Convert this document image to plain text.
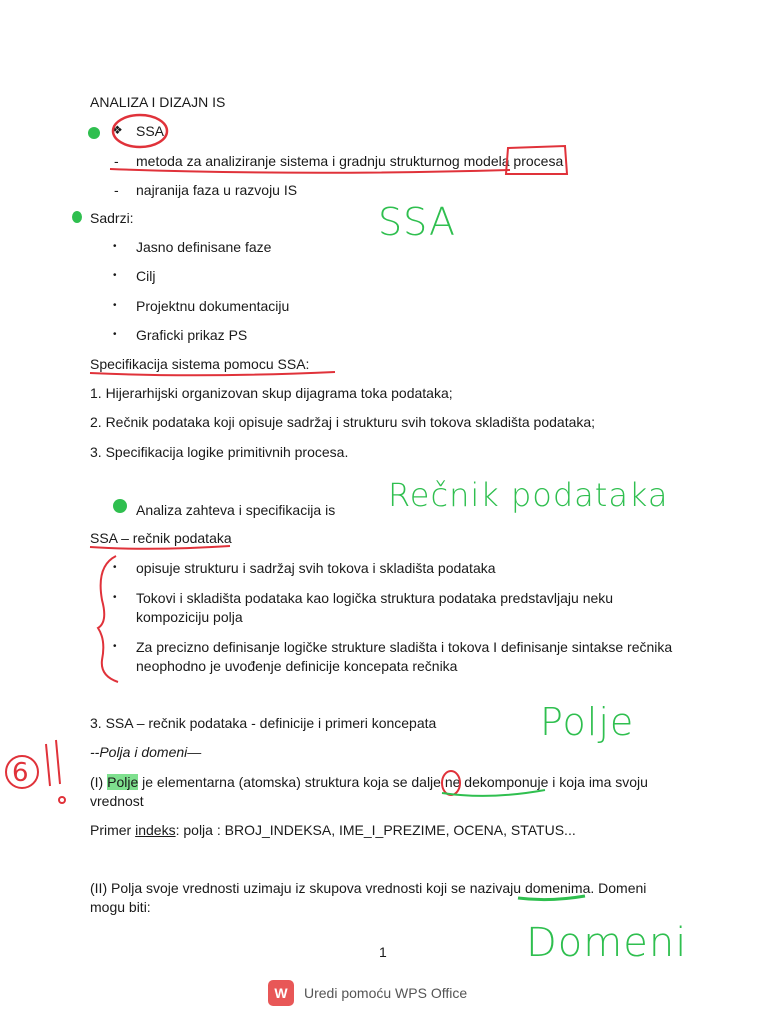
ANALIZA I DIZAJN IS
❖ SSA
- metoda za analiziranje sistema i gradnju strukturnog modela procesa
- najranija faza u razvoju IS
Sadrzi:
• Jasno definisane faze
• Cilj
• Projektnu dokumentaciju
• Graficki prikaz PS
Specifikacija sistema pomocu SSA:
1. Hijerarhijski organizovan skup dijagrama toka podataka;
2. Rečnik podataka koji opisuje sadržaj i strukturu svih tokova skladišta podataka;
3. Specifikacija logike primitivnih procesa.
Analiza zahteva i specifikacija is
SSA – rečnik podataka
• opisuje strukturu i sadržaj svih tokova i skladišta podataka
• Tokovi i skladišta podataka kao logička struktura podataka predstavljaju neku
kompoziciju polja
• Za precizno definisanje logičke strukture sladišta i tokova I definisanje sintakse rečnika
neophodno je uvođenje definicije koncepata rečnika
3. SSA – rečnik podataka - definicije i primeri koncepata
--Polja i domeni—
(I) Polje je elementarna (atomska) struktura koja se dalje ne dekomponuje i koja ima svoju
vrednost
Primer indeks: polja : BROJ_INDEKSA, IME_I_PREZIME, OCENA, STATUS...
(II) Polja svoje vrednosti uzimaju iz skupova vrednosti koji se nazivaju domenima. Domeni
mogu biti:
1
SSA
Rečnik podataka
Polje
Domeni
6
W	Uredi pomoću WPS Office
